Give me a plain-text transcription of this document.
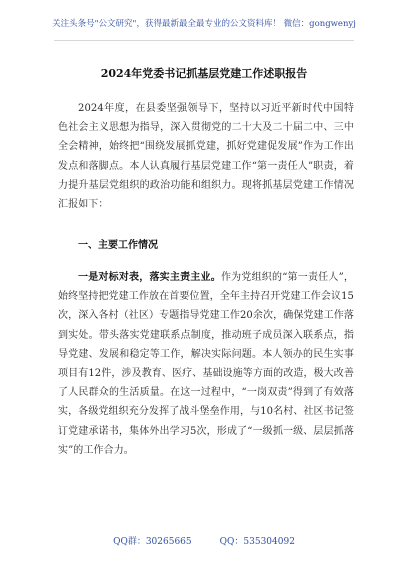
关注头条号"公文研究"，获得最新最全最专业的公文资料库！ 微信：gongwenyj
2024年党委书记抓基层党建工作述职报告

2024年度，在县委坚强领导下，坚持以习近平新时代中国特色社会主义思想为指导，深入贯彻党的二十大及二十届二中、三中全会精神，始终把“围绕发展抓党建，抓好党建促发展”作为工作出发点和落脚点。本人认真履行基层党建工作“第一责任人”职责，着力提升基层党组织的政治功能和组织力。现将抓基层党建工作情况汇报如下：

一、主要工作情况

一是对标对表，落实主责主业。作为党组织的“第一责任人”，始终坚持把党建工作放在首要位置，全年主持召开党建工作会议15次，深入各村（社区）专题指导党建工作20余次，确保党建工作落到实处。带头落实党建联系点制度，推动班子成员深入联系点，指导党建、发展和稳定等工作，解决实际问题。本人领办的民生实事项目有12件，涉及教育、医疗、基础设施等方面的改造，极大改善了人民群众的生活质量。在这一过程中，“一岗双责”得到了有效落实，各级党组织充分发挥了战斗堡垒作用，与10名村、社区书记签订党建承诺书，集体外出学习5次，形成了“一级抓一级、层层抓落实”的工作合力。

QQ群：30265665	QQ：535304092
